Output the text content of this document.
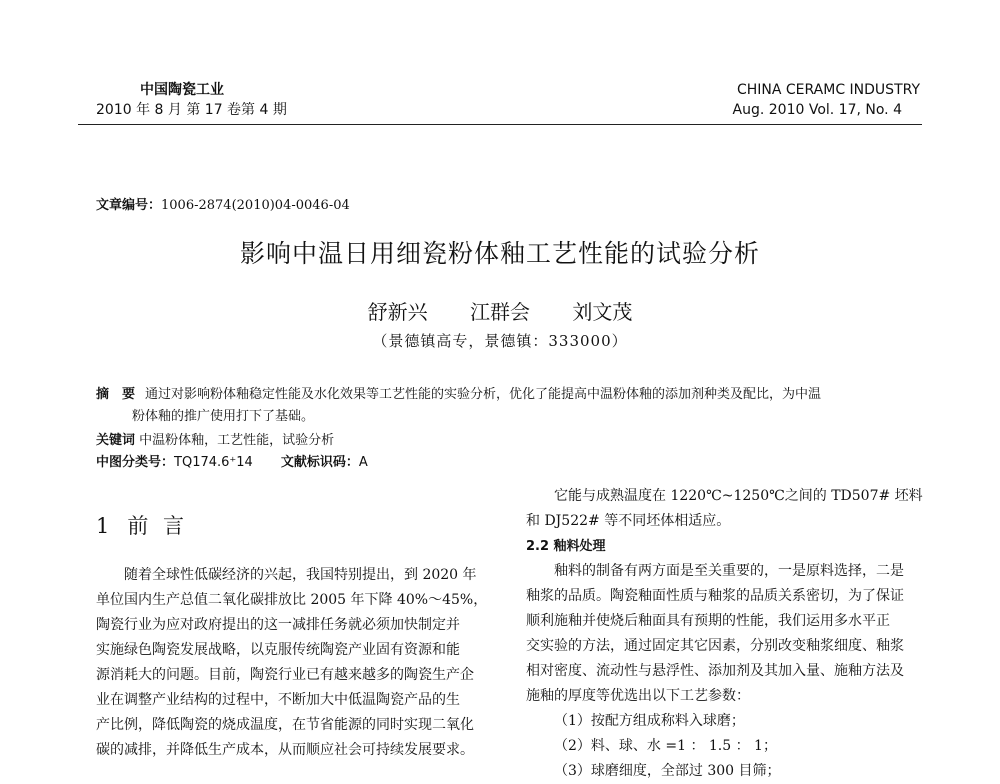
中国陶瓷工业
2010 年 8 月 第 17 卷第 4 期
CHINA CERAMC INDUSTRY
Aug. 2010 Vol. 17, No. 4
文章编号：1006-2874(2010)04-0046-04
影响中温日用细瓷粉体釉工艺性能的试验分析
舒新兴 江群会 刘文茂
（景德镇高专，景德镇：333000）
摘　要 通过对影响粉体釉稳定性能及水化效果等工艺性能的实验分析，优化了能提高中温粉体釉的添加剂种类及配比，为中温
粉体釉的推广使用打下了基础。
关键词 中温粉体釉，工艺性能，试验分析
中图分类号：TQ174.6⁺14 文献标识码：A
1 前 言

随着全球性低碳经济的兴起，我国特别提出，到 2020 年

单位国内生产总值二氧化碳排放比 2005 年下降 40%～45%，

陶瓷行业为应对政府提出的这一减排任务就必须加快制定并

实施绿色陶瓷发展战略，以克服传统陶瓷产业固有资源和能

源消耗大的问题。目前，陶瓷行业已有越来越多的陶瓷生产企

业在调整产业结构的过程中，不断加大中低温陶瓷产品的生

产比例，降低陶瓷的烧成温度，在节省能源的同时实现二氧化

碳的减排，并降低生产成本，从而顺应社会可持续发展要求。

它能与成熟温度在 1220℃~1250℃之间的 TD507# 坯料

和 DJ522# 等不同坯体相适应。

2.2 釉料处理

釉料的制备有两方面是至关重要的，一是原料选择，二是

釉浆的品质。陶瓷釉面性质与釉浆的品质关系密切，为了保证

顺利施釉并使烧后釉面具有预期的性能，我们运用多水平正

交实验的方法，通过固定其它因素，分别改变釉浆细度、釉浆

相对密度、流动性与悬浮性、添加剂及其加入量、施釉方法及

施釉的厚度等优选出以下工艺参数：

（1）按配方组成称料入球磨；

（2）料、球、水 =1 ： 1.5 ： 1；

（3）球磨细度，全部过 300 目筛；
